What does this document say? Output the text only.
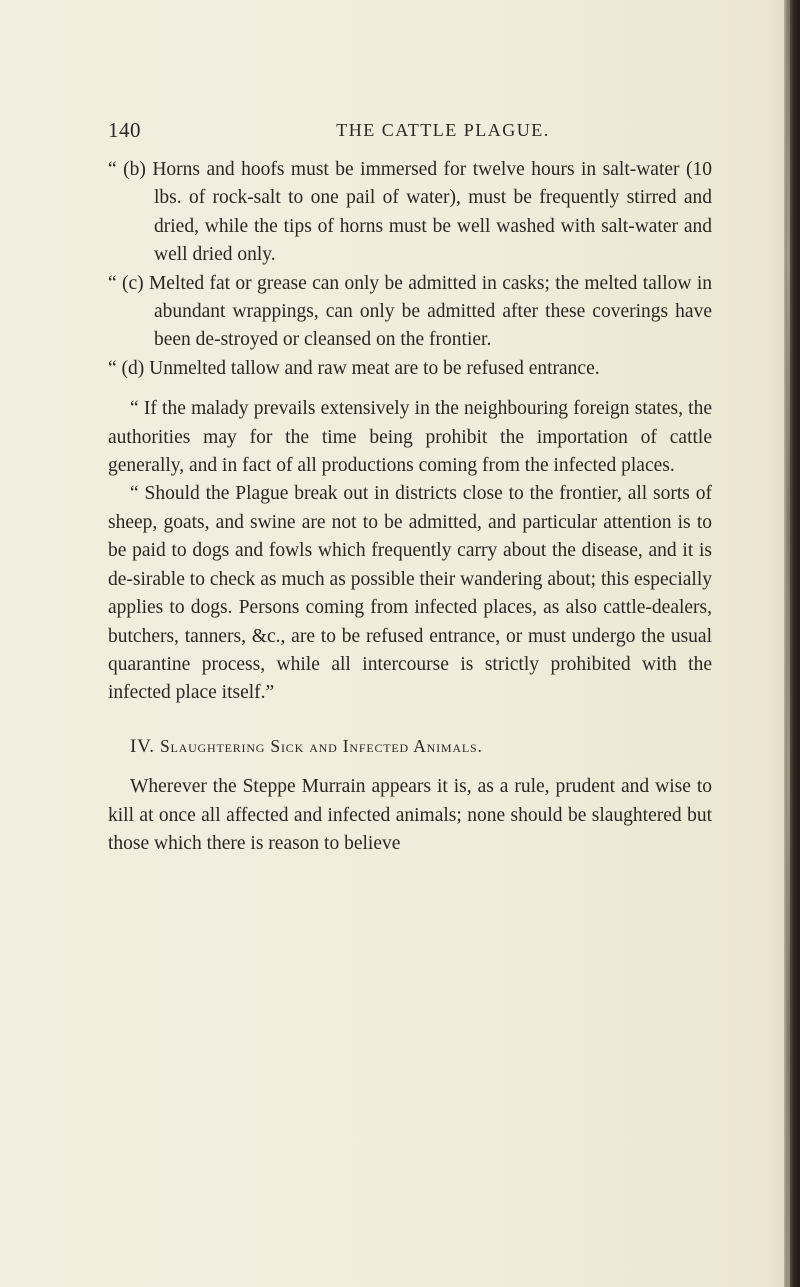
140	THE CATTLE PLAGUE.

“ (b) Horns and hoofs must be immersed for twelve hours in salt-water (10 lbs. of rock-salt to one pail of water), must be frequently stirred and dried, while the tips of horns must be well washed with salt-water and well dried only.

“ (c) Melted fat or grease can only be admitted in casks; the melted tallow in abundant wrappings, can only be admitted after these coverings have been de-stroyed or cleansed on the frontier.

“ (d) Unmelted tallow and raw meat are to be refused entrance.

“ If the malady prevails extensively in the neighbouring foreign states, the authorities may for the time being prohibit the importation of cattle generally, and in fact of all productions coming from the infected places.

“ Should the Plague break out in districts close to the frontier, all sorts of sheep, goats, and swine are not to be admitted, and particular attention is to be paid to dogs and fowls which frequently carry about the disease, and it is de-sirable to check as much as possible their wandering about; this especially applies to dogs. Persons coming from infected places, as also cattle-dealers, butchers, tanners, &c., are to be refused entrance, or must undergo the usual quarantine process, while all intercourse is strictly prohibited with the infected place itself.”

IV. Slaughtering Sick and Infected Animals.

Wherever the Steppe Murrain appears it is, as a rule, prudent and wise to kill at once all affected and infected animals; none should be slaughtered but those which there is reason to believe
